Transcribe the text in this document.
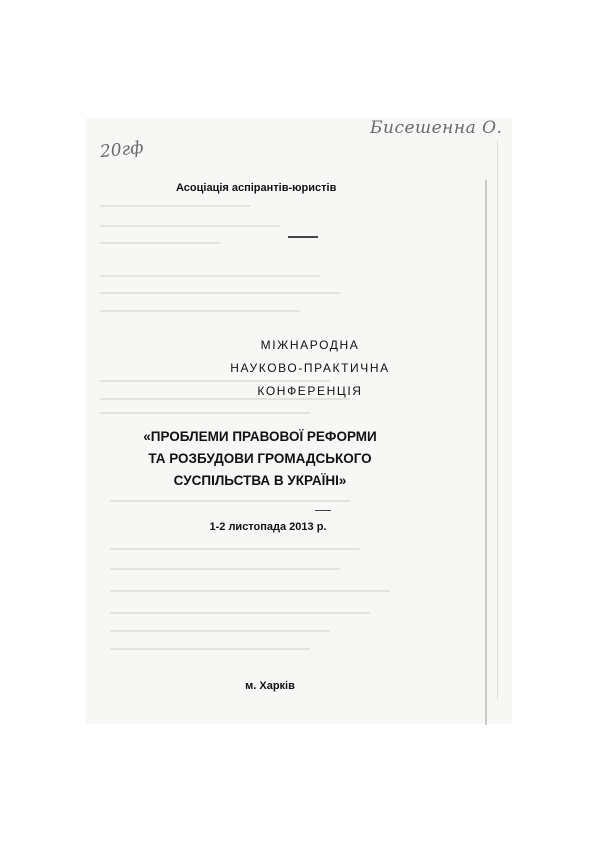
Бисешенна О.
20гф
Асоціація аспірантів-юристів
МІЖНАРОДНА
НАУКОВО-ПРАКТИЧНА
КОНФЕРЕНЦІЯ
«ПРОБЛЕМИ ПРАВОВОЇ РЕФОРМИ
ТА РОЗБУДОВИ ГРОМАДСЬКОГО
СУСПІЛЬСТВА В УКРАЇНІ»
1-2 листопада 2013 р.
м. Харків
